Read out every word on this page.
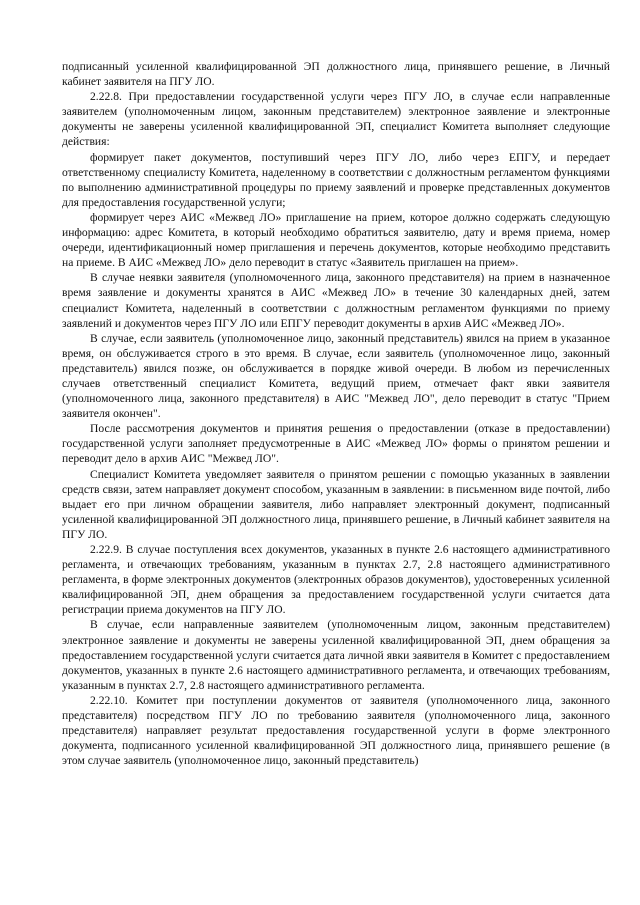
подписанный усиленной квалифицированной ЭП должностного лица, принявшего решение, в Личный кабинет заявителя на ПГУ ЛО.

2.22.8. При предоставлении государственной услуги через ПГУ ЛО, в случае если направленные заявителем (уполномоченным лицом, законным представителем) электронное заявление и электронные документы не заверены усиленной квалифицированной ЭП, специалист Комитета выполняет следующие действия:

формирует пакет документов, поступивший через ПГУ ЛО, либо через ЕПГУ, и передает ответственному специалисту Комитета, наделенному в соответствии с должностным регламентом функциями по выполнению административной процедуры по приему заявлений и проверке представленных документов для предоставления государственной услуги;

формирует через АИС «Межвед ЛО» приглашение на прием, которое должно содержать следующую информацию: адрес Комитета, в который необходимо обратиться заявителю, дату и время приема, номер очереди, идентификационный номер приглашения и перечень документов, которые необходимо представить на приеме. В АИС «Межвед ЛО» дело переводит в статус «Заявитель приглашен на прием».

В случае неявки заявителя (уполномоченного лица, законного представителя) на прием в назначенное время заявление и документы хранятся в АИС «Межвед ЛО» в течение 30 календарных дней, затем специалист Комитета, наделенный в соответствии с должностным регламентом функциями по приему заявлений и документов через ПГУ ЛО или ЕПГУ переводит документы в архив АИС «Межвед ЛО».

В случае, если заявитель (уполномоченное лицо, законный представитель) явился на прием в указанное время, он обслуживается строго в это время. В случае, если заявитель (уполномоченное лицо, законный представитель) явился позже, он обслуживается в порядке живой очереди. В любом из перечисленных случаев ответственный специалист Комитета, ведущий прием, отмечает факт явки заявителя (уполномоченного лица, законного представителя) в АИС "Межвед ЛО", дело переводит в статус "Прием заявителя окончен".

После рассмотрения документов и принятия решения о предоставлении (отказе в предоставлении) государственной услуги заполняет предусмотренные в АИС «Межвед ЛО» формы о принятом решении и переводит дело в архив АИС "Межвед ЛО".

Специалист Комитета уведомляет заявителя о принятом решении с помощью указанных в заявлении средств связи, затем направляет документ способом, указанным в заявлении: в письменном виде почтой, либо выдает его при личном обращении заявителя, либо направляет электронный документ, подписанный усиленной квалифицированной ЭП должностного лица, принявшего решение, в Личный кабинет заявителя на ПГУ ЛО.

2.22.9. В случае поступления всех документов, указанных в пункте 2.6 настоящего административного регламента, и отвечающих требованиям, указанным в пунктах 2.7, 2.8 настоящего административного регламента, в форме электронных документов (электронных образов документов), удостоверенных усиленной квалифицированной ЭП, днем обращения за предоставлением государственной услуги считается дата регистрации приема документов на ПГУ ЛО.

В случае, если направленные заявителем (уполномоченным лицом, законным представителем) электронное заявление и документы не заверены усиленной квалифицированной ЭП, днем обращения за предоставлением государственной услуги считается дата личной явки заявителя в Комитет с предоставлением документов, указанных в пункте 2.6 настоящего административного регламента, и отвечающих требованиям, указанным в пунктах 2.7, 2.8 настоящего административного регламента.

2.22.10. Комитет при поступлении документов от заявителя (уполномоченного лица, законного представителя) посредством ПГУ ЛО по требованию заявителя (уполномоченного лица, законного представителя) направляет результат предоставления государственной услуги в форме электронного документа, подписанного усиленной квалифицированной ЭП должностного лица, принявшего решение (в этом случае заявитель (уполномоченное лицо, законный представитель)
